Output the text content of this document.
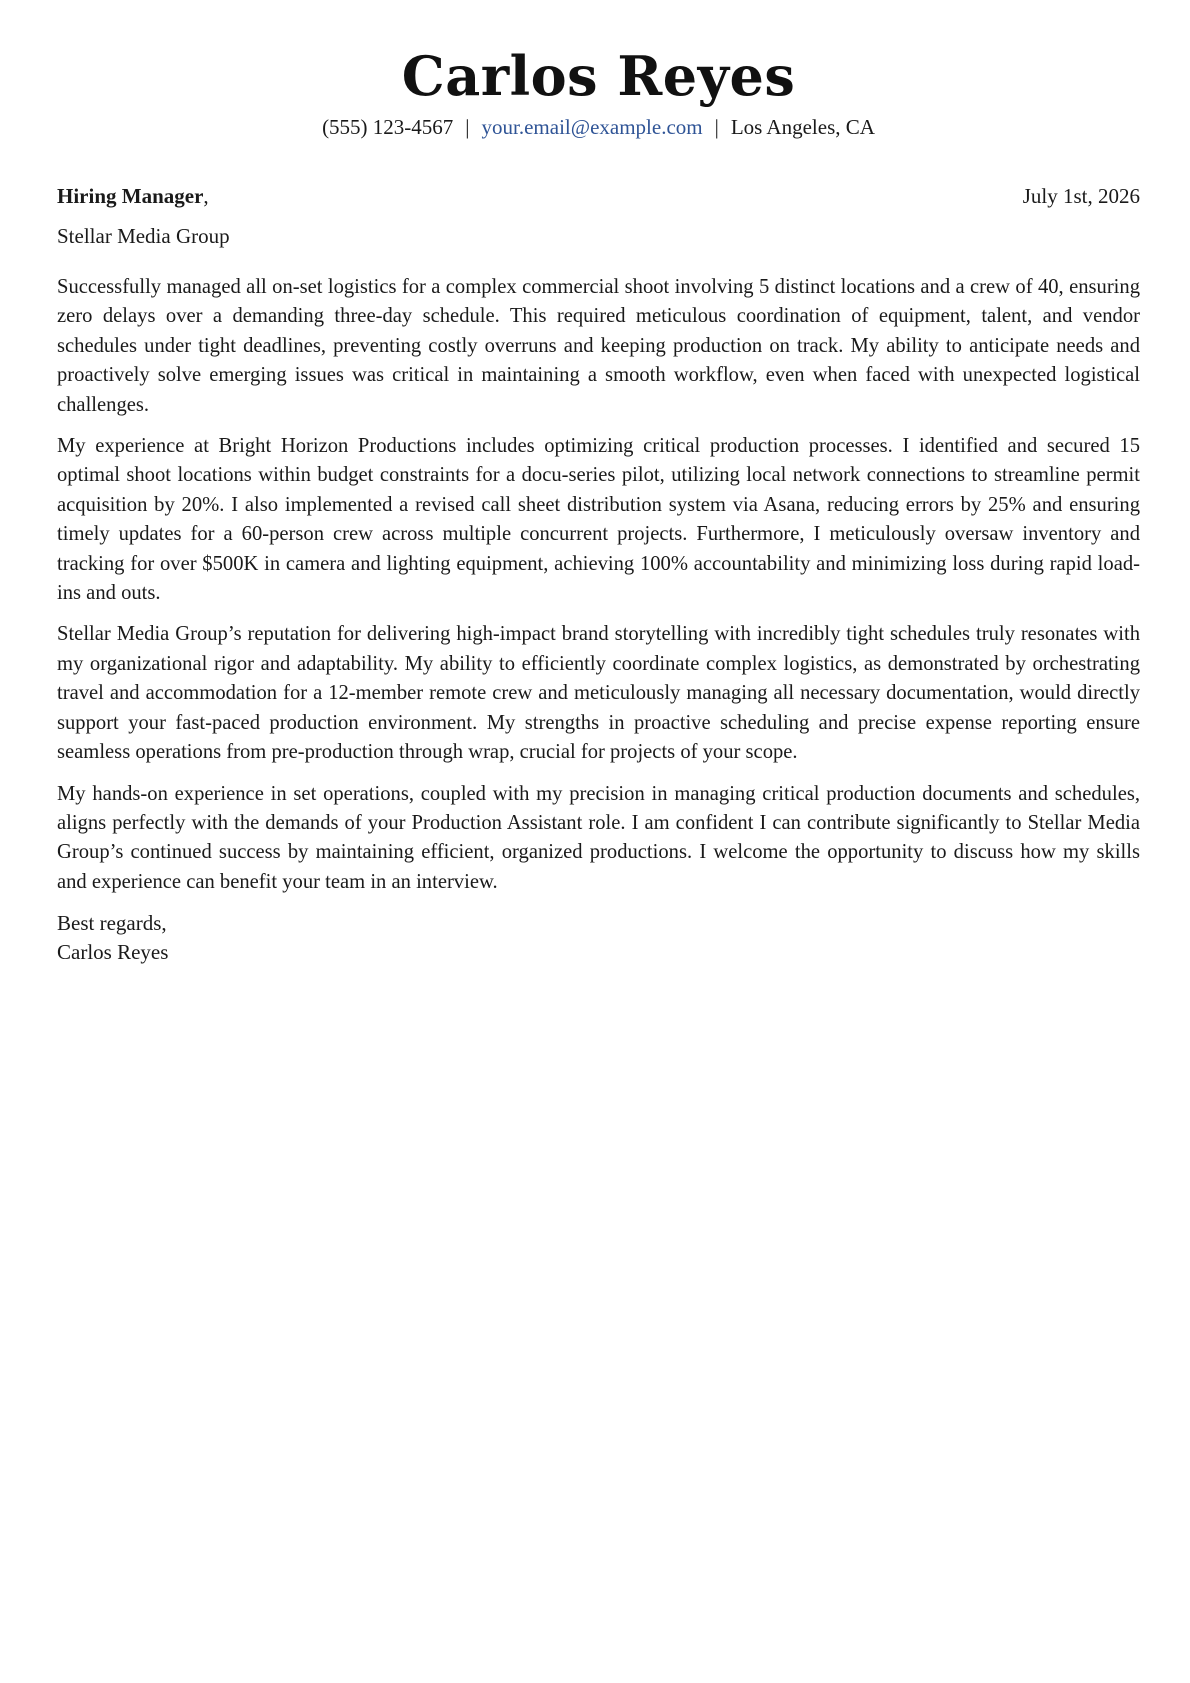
Carlos Reyes
(555) 123-4567 | your.email@example.com | Los Angeles, CA
Hiring Manager,	July 1st, 2026
Stellar Media Group

Successfully managed all on-set logistics for a complex commercial shoot involving 5 distinct locations and a crew of 40, ensuring zero delays over a demanding three-day schedule. This required meticulous coordination of equipment, talent, and vendor schedules under tight deadlines, preventing costly overruns and keeping production on track. My ability to anticipate needs and proactively solve emerging issues was critical in maintaining a smooth workflow, even when faced with unexpected logistical challenges.

My experience at Bright Horizon Productions includes optimizing critical production processes. I identified and secured 15 optimal shoot locations within budget constraints for a docu-series pilot, utilizing local network connections to streamline permit acquisition by 20%. I also implemented a revised call sheet distribution system via Asana, reducing errors by 25% and ensuring timely updates for a 60-person crew across multiple concurrent projects. Furthermore, I meticulously oversaw inventory and tracking for over $500K in camera and lighting equipment, achieving 100% accountability and minimizing loss during rapid load-ins and outs.

Stellar Media Group’s reputation for delivering high-impact brand storytelling with incredibly tight schedules truly resonates with my organizational rigor and adaptability. My ability to efficiently coordinate complex logistics, as demonstrated by orchestrating travel and accommodation for a 12-member remote crew and meticulously managing all necessary documentation, would directly support your fast-paced production environment. My strengths in proactive scheduling and precise expense reporting ensure seamless operations from pre-production through wrap, crucial for projects of your scope.

My hands-on experience in set operations, coupled with my precision in managing critical production documents and schedules, aligns perfectly with the demands of your Production Assistant role. I am confident I can contribute significantly to Stellar Media Group’s continued success by maintaining efficient, organized productions. I welcome the opportunity to discuss how my skills and experience can benefit your team in an interview.

Best regards,
Carlos Reyes
